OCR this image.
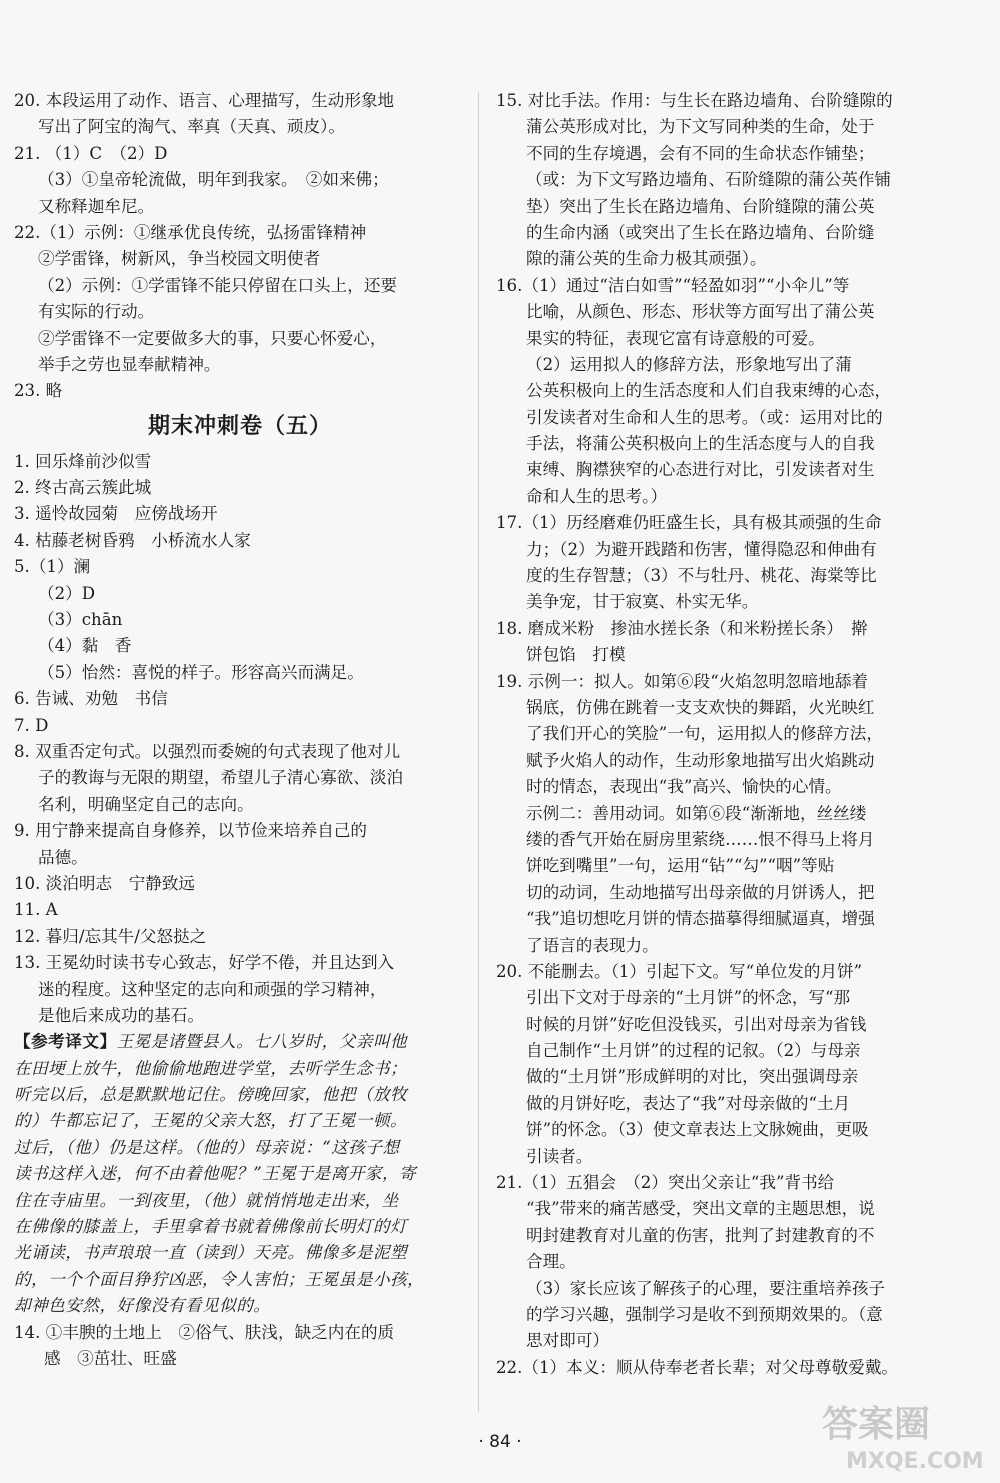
20. 本段运用了动作、语言、心理描写，生动形象地
写出了阿宝的淘气、率真（天真、顽皮）。
21. （1）C　（2）D
（3）①皇帝轮流做，明年到我家。　②如来佛；
又称释迦牟尼。
22.（1）示例：①继承优良传统，弘扬雷锋精神
②学雷锋，树新风，争当校园文明使者
（2）示例：①学雷锋不能只停留在口头上，还要
有实际的行动。
②学雷锋不一定要做多大的事，只要心怀爱心，
举手之劳也显奉献精神。
23. 略
期末冲刺卷（五）
1. 回乐烽前沙似雪
2. 终古高云簇此城
3. 遥怜故园菊　应傍战场开
4. 枯藤老树昏鸦　小桥流水人家
5.（1）澜
（2）D
（3）chān
（4）黏　香
（5）怡然：喜悦的样子。形容高兴而满足。
6. 告诫、劝勉　书信
7. D
8. 双重否定句式。以强烈而委婉的句式表现了他对儿
子的教诲与无限的期望，希望儿子清心寡欲、淡泊
名利，明确坚定自己的志向。
9. 用宁静来提高自身修养，以节俭来培养自己的
品德。
10. 淡泊明志　宁静致远
11. A
12. 暮归/忘其牛/父怒挞之
13. 王冕幼时读书专心致志，好学不倦，并且达到入
迷的程度。这种坚定的志向和顽强的学习精神，
是他后来成功的基石。
【参考译文】王冕是诸暨县人。七八岁时，父亲叫他
在田埂上放牛，他偷偷地跑进学堂，去听学生念书；
听完以后，总是默默地记住。傍晚回家，他把（放牧
的）牛都忘记了，王冕的父亲大怒，打了王冕一顿。
过后，（他）仍是这样。（他的）母亲说：“这孩子想
读书这样入迷，何不由着他呢？”王冕于是离开家，寄
住在寺庙里。一到夜里，（他）就悄悄地走出来，坐
在佛像的膝盖上，手里拿着书就着佛像前长明灯的灯
光诵读，书声琅琅一直（读到）天亮。佛像多是泥塑
的，一个个面目狰狞凶恶，令人害怕；王冕虽是小孩，
却神色安然，好像没有看见似的。
14. ①丰腴的土地上　②俗气、肤浅，缺乏内在的质
感　③茁壮、旺盛
15. 对比手法。作用：与生长在路边墙角、台阶缝隙的
蒲公英形成对比，为下文写同种类的生命，处于
不同的生存境遇，会有不同的生命状态作铺垫；
（或：为下文写路边墙角、石阶缝隙的蒲公英作铺
垫）突出了生长在路边墙角、台阶缝隙的蒲公英
的生命内涵（或突出了生长在路边墙角、台阶缝
隙的蒲公英的生命力极其顽强）。
16.（1）通过“洁白如雪”“轻盈如羽”“小伞儿”等
比喻，从颜色、形态、形状等方面写出了蒲公英
果实的特征，表现它富有诗意般的可爱。
（2）运用拟人的修辞方法，形象地写出了蒲
公英积极向上的生活态度和人们自我束缚的心态，
引发读者对生命和人生的思考。（或：运用对比的
手法，将蒲公英积极向上的生活态度与人的自我
束缚、胸襟狭窄的心态进行对比，引发读者对生
命和人生的思考。）
17.（1）历经磨难仍旺盛生长，具有极其顽强的生命
力；（2）为避开践踏和伤害，懂得隐忍和伸曲有
度的生存智慧；（3）不与牡丹、桃花、海棠等比
美争宠，甘于寂寞、朴实无华。
18. 磨成米粉　掺油水搓长条（和米粉搓长条）　擀
饼包馅　打模
19. 示例一：拟人。如第⑥段“火焰忽明忽暗地舔着
锅底，仿佛在跳着一支支欢快的舞蹈，火光映红
了我们开心的笑脸”一句，运用拟人的修辞方法，
赋予火焰人的动作，生动形象地描写出火焰跳动
时的情态，表现出“我”高兴、愉快的心情。
示例二：善用动词。如第⑥段“渐渐地，丝丝缕
缕的香气开始在厨房里萦绕……恨不得马上将月
饼吃到嘴里”一句，运用“钻”“勾”“咽”等贴
切的动词，生动地描写出母亲做的月饼诱人，把
“我”追切想吃月饼的情态描摹得细腻逼真，增强
了语言的表现力。
20. 不能删去。（1）引起下文。写“单位发的月饼”
引出下文对于母亲的“土月饼”的怀念，写“那
时候的月饼”好吃但没钱买，引出对母亲为省钱
自己制作“土月饼”的过程的记叙。（2）与母亲
做的“土月饼”形成鲜明的对比，突出强调母亲
做的月饼好吃，表达了“我”对母亲做的“土月
饼”的怀念。（3）使文章表达上文脉婉曲，更吸
引读者。
21.（1）五猖会　（2）突出父亲让“我”背书给
“我”带来的痛苦感受，突出文章的主题思想，说
明封建教育对儿童的伤害，批判了封建教育的不
合理。
（3）家长应该了解孩子的心理，要注重培养孩子
的学习兴趣，强制学习是收不到预期效果的。（意
思对即可）
22.（1）本义：顺从侍奉老者长辈；对父母尊敬爱戴。
· 84 ·	答案圈
MXQE.COM
